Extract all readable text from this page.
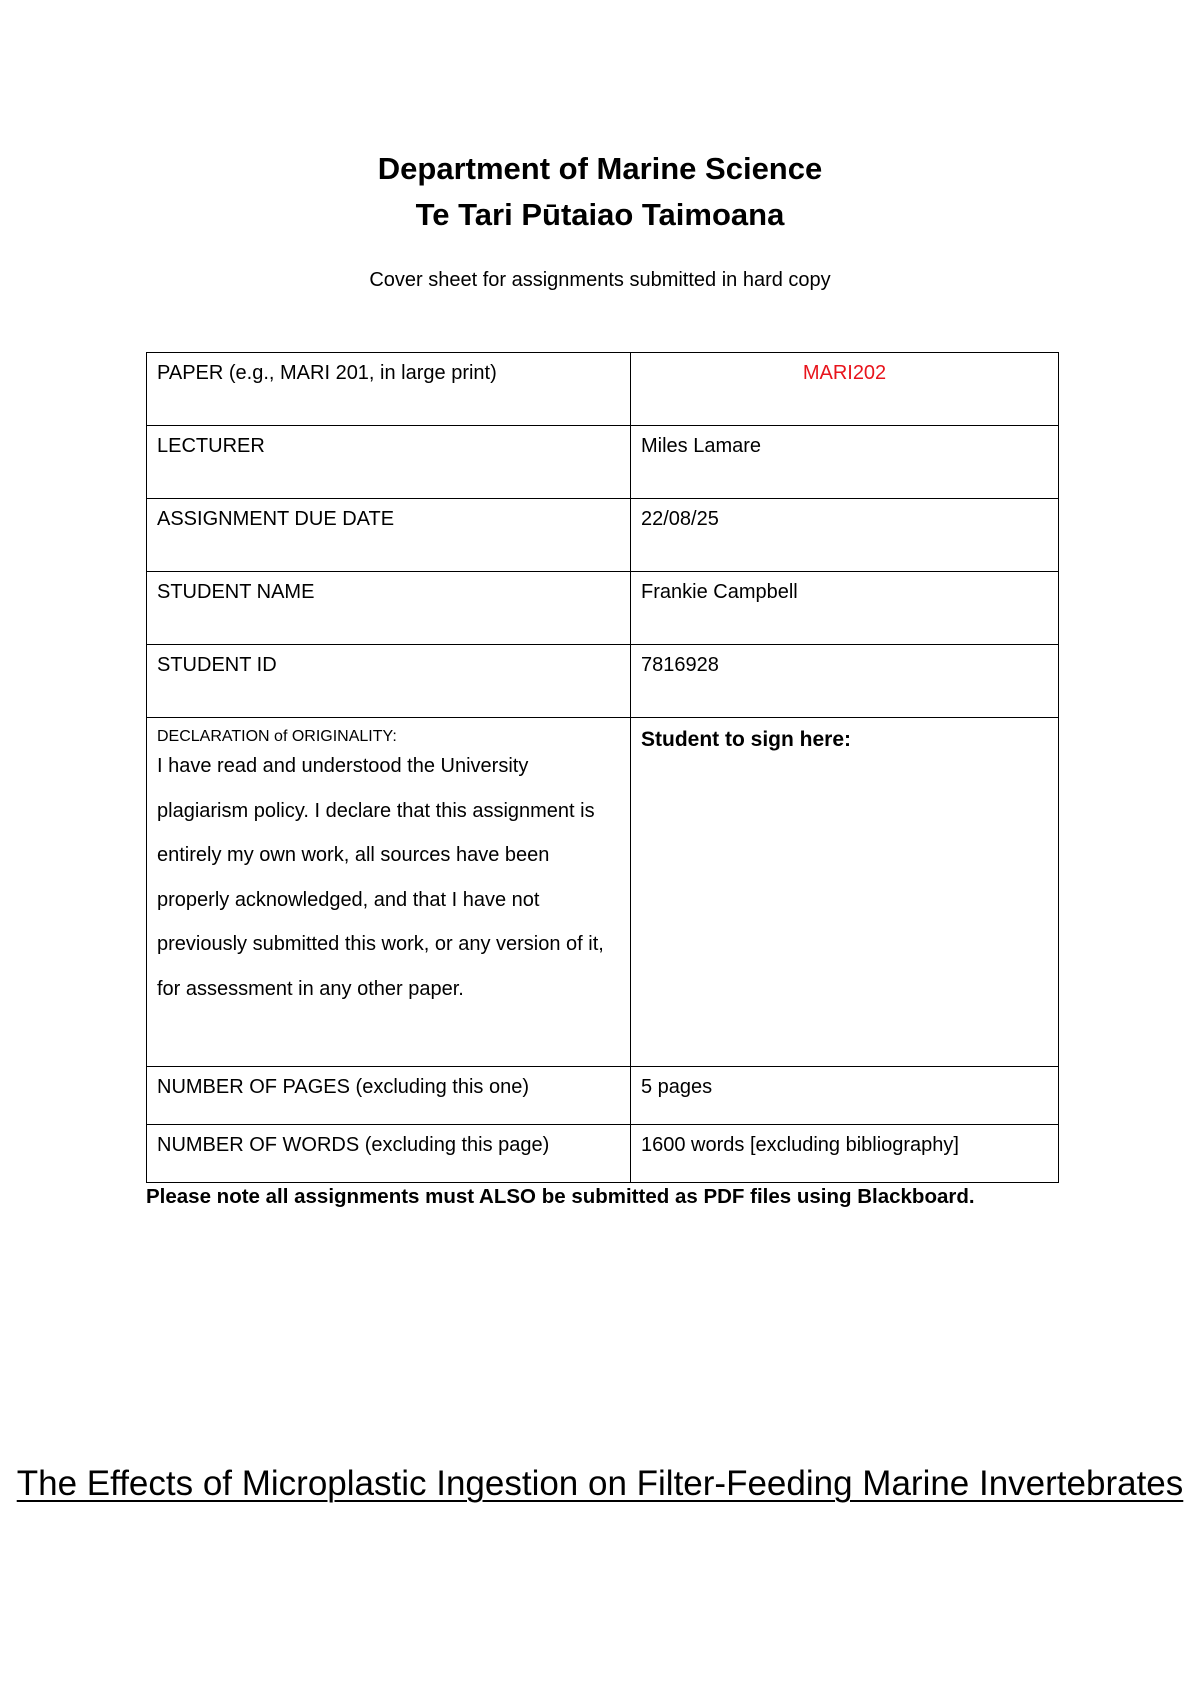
Department of Marine Science
Te Tari Pūtaiao Taimoana
Cover sheet for assignments submitted in hard copy
PAPER (e.g., MARI 201, in large print)	MARI202
LECTURER	Miles Lamare
ASSIGNMENT DUE DATE	22/08/25
STUDENT NAME	Frankie Campbell
STUDENT ID	7816928

DECLARATION of ORIGINALITY:
I have read and understood the University plagiarism policy. I declare that this assignment is entirely my own work, all sources have been properly acknowledged, and that I have not previously submitted this work, or any version of it, for assessment in any other paper.	Student to sign here:

NUMBER OF PAGES (excluding this one)	5 pages
NUMBER OF WORDS (excluding this page)	1600 words [excluding bibliography]
Please note all assignments must ALSO be submitted as PDF files using Blackboard.
The Effects of Microplastic Ingestion on Filter-Feeding Marine Invertebrates
